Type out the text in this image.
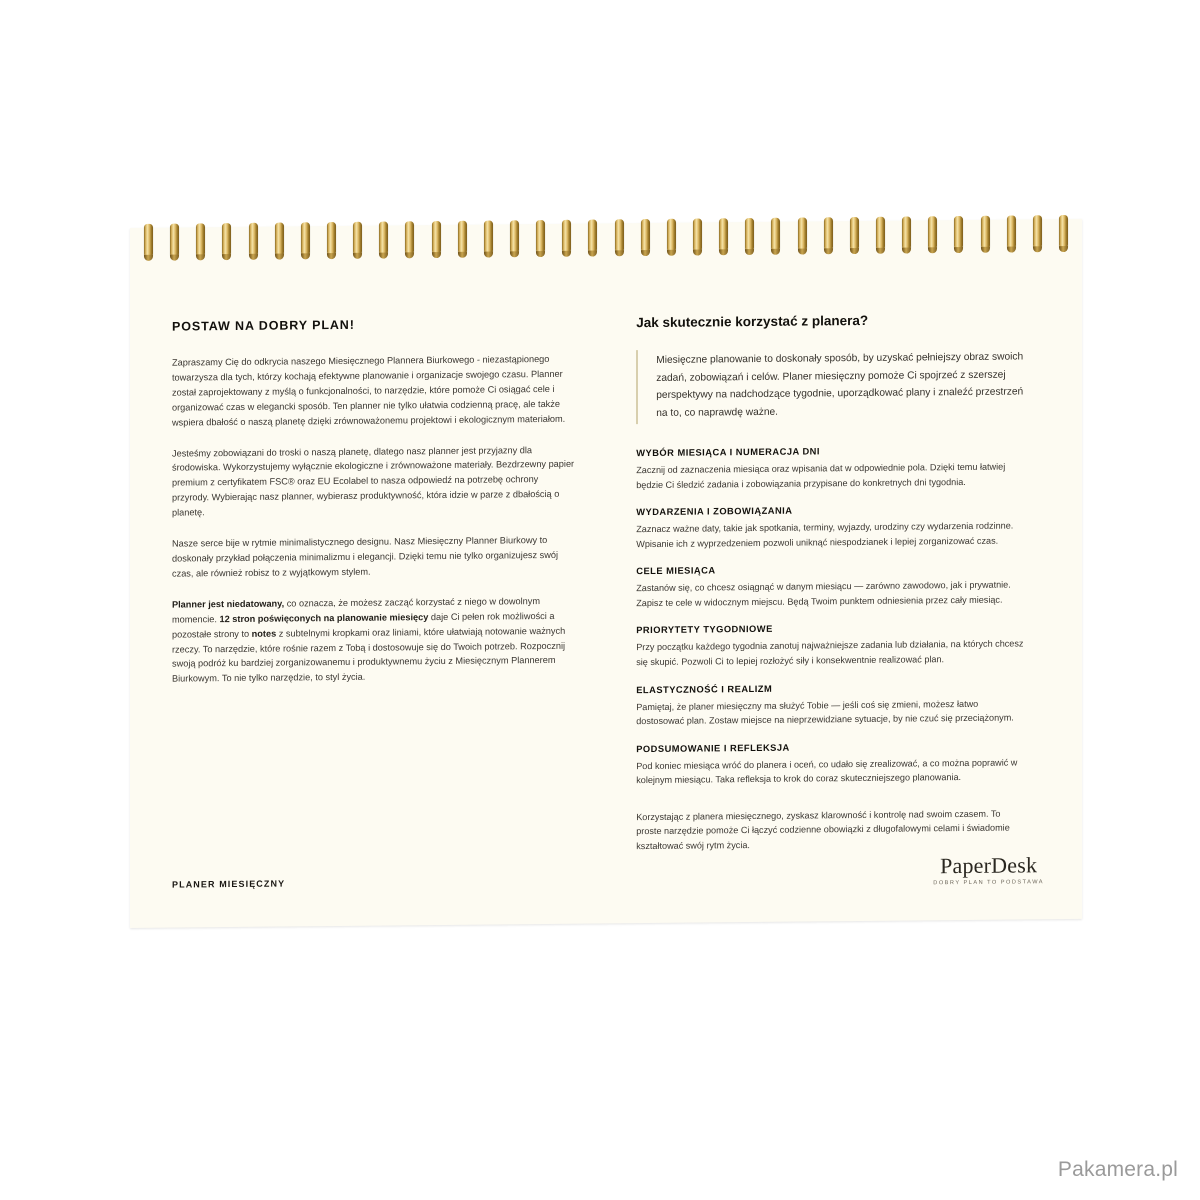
POSTAW NA DOBRY PLAN!

Zapraszamy Cię do odkrycia naszego Miesięcznego Plannera Biurkowego - niezastąpionego towarzysza dla tych, którzy kochają efektywne planowanie i organizacje swojego czasu. Planner został zaprojektowany z myślą o funkcjonalności, to narzędzie, które pomoże Ci osiągać cele i organizować czas w elegancki sposób. Ten planner nie tylko ułatwia codzienną pracę, ale także wspiera dbałość o naszą planetę dzięki zrównoważonemu projektowi i ekologicznym materiałom.

Jesteśmy zobowiązani do troski o naszą planetę, dlatego nasz planner jest przyjazny dla środowiska. Wykorzystujemy wyłącznie ekologiczne i zrównoważone materiały. Bezdrzewny papier premium z certyfikatem FSC® oraz EU Ecolabel to nasza odpowiedź na potrzebę ochrony przyrody. Wybierając nasz planner, wybierasz produktywność, która idzie w parze z dbałością o planetę.

Nasze serce bije w rytmie minimalistycznego designu. Nasz Miesięczny Planner Biurkowy to doskonały przykład połączenia minimalizmu i elegancji. Dzięki temu nie tylko organizujesz swój czas, ale również robisz to z wyjątkowym stylem.

Planner jest niedatowany, co oznacza, że możesz zacząć korzystać z niego w dowolnym momencie. 12 stron poświęconych na planowanie miesięcy daje Ci pełen rok możliwości a pozostałe strony to notes z subtelnymi kropkami oraz liniami, które ułatwiają notowanie ważnych rzeczy. To narzędzie, które rośnie razem z Tobą i dostosowuje się do Twoich potrzeb. Rozpocznij swoją podróż ku bardziej zorganizowanemu i produktywnemu życiu z Miesięcznym Plannerem Biurkowym. To nie tylko narzędzie, to styl życia.

Jak skutecznie korzystać z planera?

Miesięczne planowanie to doskonały sposób, by uzyskać pełniejszy obraz swoich zadań, zobowiązań i celów. Planer miesięczny pomoże Ci spojrzeć z szerszej perspektywy na nadchodzące tygodnie, uporządkować plany i znaleźć przestrzeń na to, co naprawdę ważne.

WYBÓR MIESIĄCA I NUMERACJA DNI

Zacznij od zaznaczenia miesiąca oraz wpisania dat w odpowiednie pola. Dzięki temu łatwiej będzie Ci śledzić zadania i zobowiązania przypisane do konkretnych dni tygodnia.

WYDARZENIA I ZOBOWIĄZANIA

Zaznacz ważne daty, takie jak spotkania, terminy, wyjazdy, urodziny czy wydarzenia rodzinne. Wpisanie ich z wyprzedzeniem pozwoli uniknąć niespodzianek i lepiej zorganizować czas.

CELE MIESIĄCA

Zastanów się, co chcesz osiągnąć w danym miesiącu — zarówno zawodowo, jak i prywatnie. Zapisz te cele w widocznym miejscu. Będą Twoim punktem odniesienia przez cały miesiąc.

PRIORYTETY TYGODNIOWE

Przy początku każdego tygodnia zanotuj najważniejsze zadania lub działania, na których chcesz się skupić. Pozwoli Ci to lepiej rozłożyć siły i konsekwentnie realizować plan.

ELASTYCZNOŚĆ I REALIZM

Pamiętaj, że planer miesięczny ma służyć Tobie — jeśli coś się zmieni, możesz łatwo dostosować plan. Zostaw miejsce na nieprzewidziane sytuacje, by nie czuć się przeciążonym.

PODSUMOWANIE I REFLEKSJA

Pod koniec miesiąca wróć do planera i oceń, co udało się zrealizować, a co można poprawić w kolejnym miesiącu. Taka refleksja to krok do coraz skuteczniejszego planowania.

Korzystając z planera miesięcznego, zyskasz klarowność i kontrolę nad swoim czasem. To proste narzędzie pomoże Ci łączyć codzienne obowiązki z długofalowymi celami i świadomie kształtować swój rytm życia.

PLANER MIESIĘCZNY
PaperDesk
DOBRY PLAN TO PODSTAWA
Pakamera.pl
